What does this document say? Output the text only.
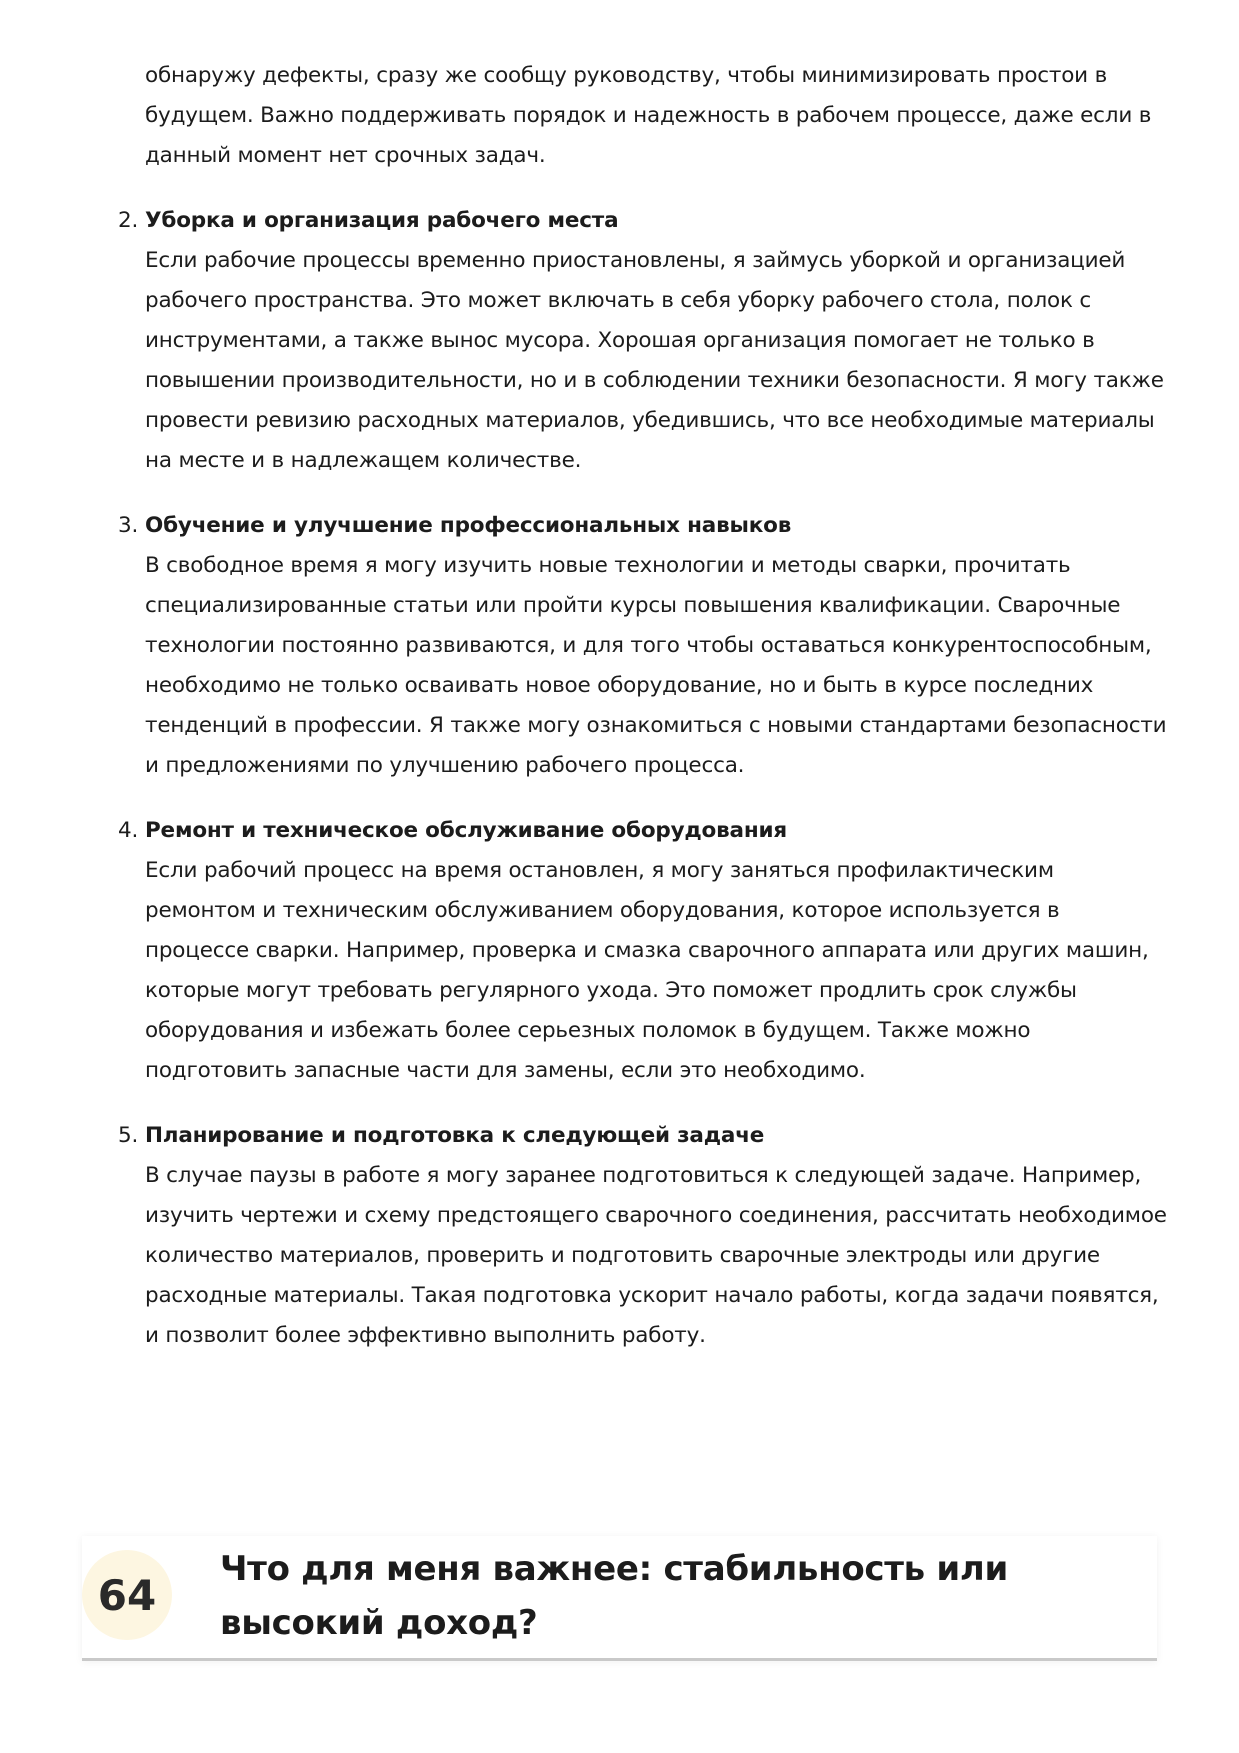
обнаружу дефекты, сразу же сообщу руководству, чтобы минимизировать простои в будущем. Важно поддерживать порядок и надежность в рабочем процессе, даже если в данный момент нет срочных задач.

2. Уборка и организация рабочего места

Если рабочие процессы временно приостановлены, я займусь уборкой и организацией рабочего пространства. Это может включать в себя уборку рабочего стола, полок с инструментами, а также вынос мусора. Хорошая организация помогает не только в повышении производительности, но и в соблюдении техники безопасности. Я могу также провести ревизию расходных материалов, убедившись, что все необходимые материалы на месте и в надлежащем количестве.

3. Обучение и улучшение профессиональных навыков

В свободное время я могу изучить новые технологии и методы сварки, прочитать специализированные статьи или пройти курсы повышения квалификации. Сварочные технологии постоянно развиваются, и для того чтобы оставаться конкурентоспособным, необходимо не только осваивать новое оборудование, но и быть в курсе последних тенденций в профессии. Я также могу ознакомиться с новыми стандартами безопасности и предложениями по улучшению рабочего процесса.

4. Ремонт и техническое обслуживание оборудования

Если рабочий процесс на время остановлен, я могу заняться профилактическим ремонтом и техническим обслуживанием оборудования, которое используется в процессе сварки. Например, проверка и смазка сварочного аппарата или других машин, которые могут требовать регулярного ухода. Это поможет продлить срок службы оборудования и избежать более серьезных поломок в будущем. Также можно подготовить запасные части для замены, если это необходимо.

5. Планирование и подготовка к следующей задаче

В случае паузы в работе я могу заранее подготовиться к следующей задаче. Например, изучить чертежи и схему предстоящего сварочного соединения, рассчитать необходимое количество материалов, проверить и подготовить сварочные электроды или другие расходные материалы. Такая подготовка ускорит начало работы, когда задачи появятся, и позволит более эффективно выполнить работу.

64
Что для меня важнее: стабильность или высокий доход?
